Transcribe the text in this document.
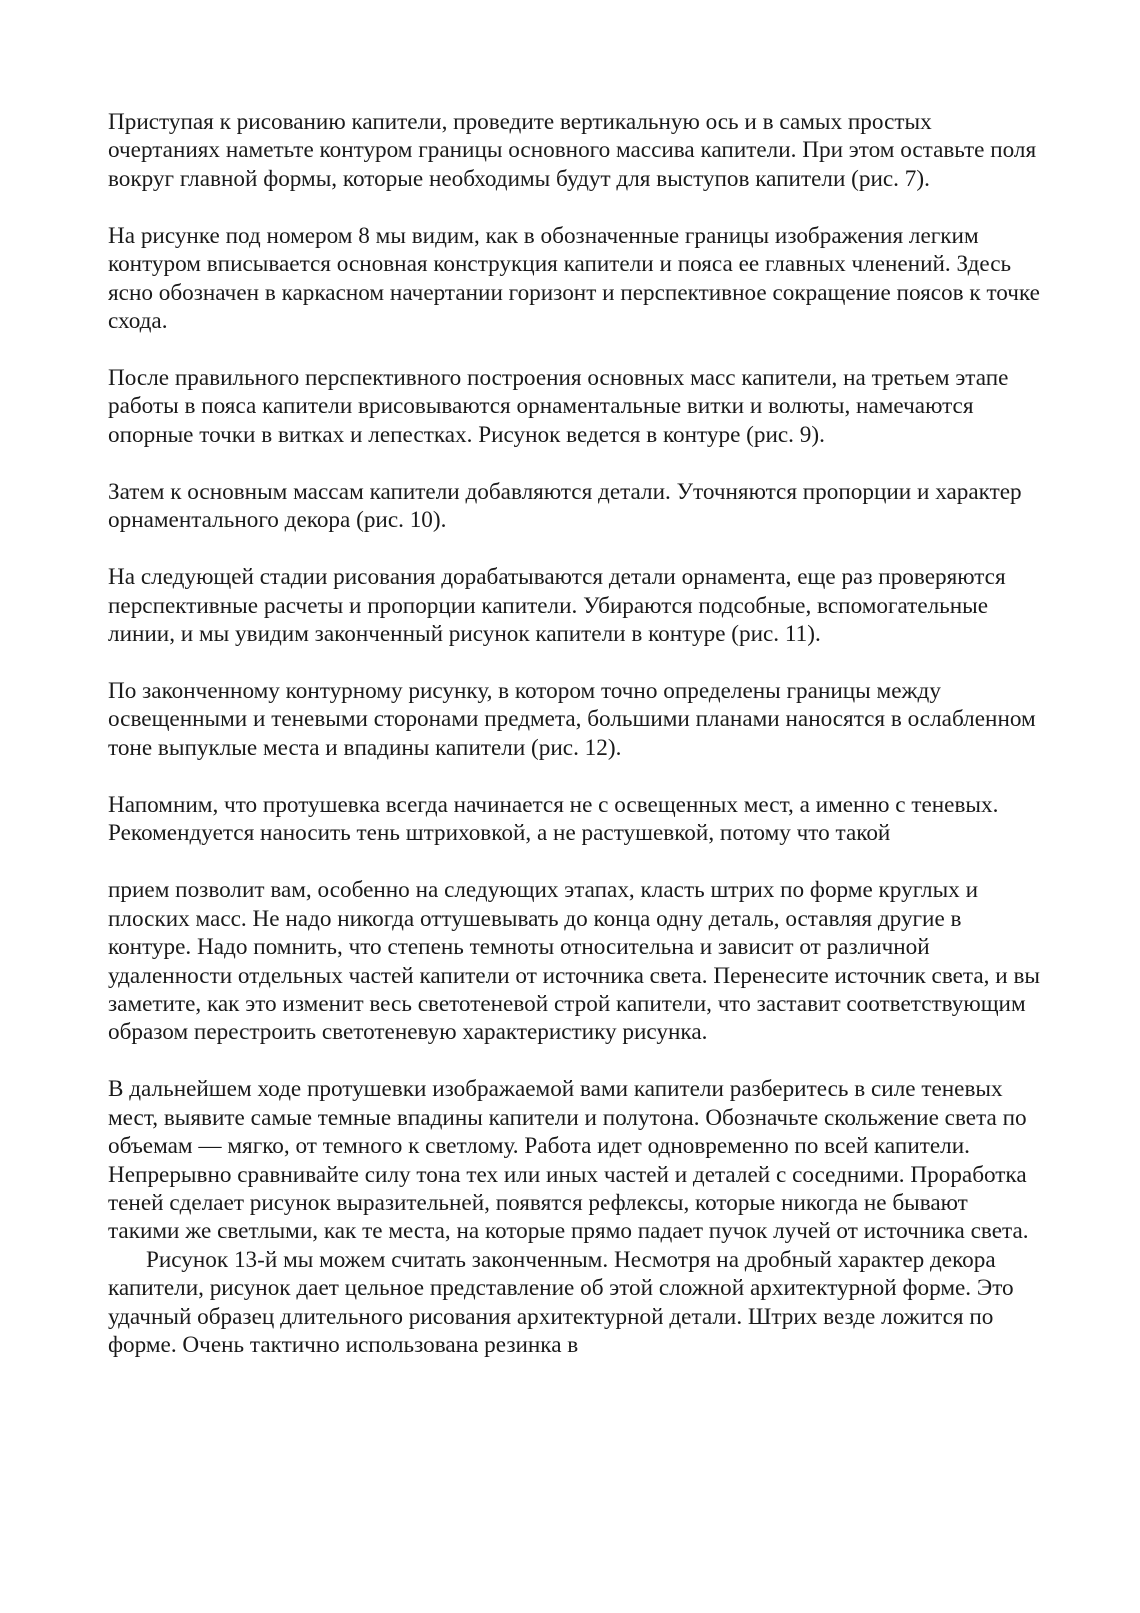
Приступая к рисованию капители, проведите вертикальную ось и в самых простых очертаниях наметьте контуром границы основного массива капители. При этом оставьте поля вокруг главной формы, которые необходимы будут для выступов капители (рис. 7).

На рисунке под номером 8 мы видим, как в обозначенные границы изображения легким контуром вписывается основная конструкция капители и пояса ее главных членений. Здесь ясно обозначен в каркасном начертании горизонт и перспективное сокращение поясов к точке схода.

После правильного перспективного построения основных масс капители, на третьем этапе работы в пояса капители врисовываются орнаментальные витки и волюты, намечаются опорные точки в витках и лепестках. Рисунок ведется в контуре (рис. 9).

Затем к основным массам капители добавляются детали. Уточняются пропорции и характер орнаментального декора (рис. 10).

На следующей стадии рисования дорабатываются детали орнамента, еще раз проверяются перспективные расчеты и пропорции капители. Убираются подсобные, вспомогательные линии, и мы увидим законченный рисунок капители в контуре (рис. 11).

По законченному контурному рисунку, в котором точно определены границы между освещенными и теневыми сторонами предмета, большими планами наносятся в ослабленном тоне выпуклые места и впадины капители (рис. 12).

Напомним, что протушевка всегда начинается не с освещенных мест, а именно с теневых. Рекомендуется наносить тень штриховкой, а не растушевкой, потому что такой

прием позволит вам, особенно на следующих этапах, класть штрих по форме круглых и плоских масс. Не надо никогда оттушевывать до конца одну деталь, оставляя другие в контуре. Надо помнить, что степень темноты относительна и зависит от различной удаленности отдельных частей капители от источника света. Перенесите источник света, и вы заметите, как это изменит весь светотеневой строй капители, что заставит соответствующим образом перестроить светотеневую характеристику рисунка.

В дальнейшем ходе протушевки изображаемой вами капители разберитесь в силе теневых мест, выявите самые темные впадины капители и полутона. Обозначьте скольжение света по объемам — мягко, от темного к светлому. Работа идет одновременно по всей капители. Непрерывно сравнивайте силу тона тех или иных частей и деталей с соседними. Проработка теней сделает рисунок выразительней, появятся рефлексы, которые никогда не бывают такими же светлыми, как те места, на которые прямо падает пучок лучей от источника света.

Рисунок 13-й мы можем считать законченным. Несмотря на дробный характер декора капители, рисунок дает цельное представление об этой сложной архитектурной форме. Это удачный образец длительного рисования архитектурной детали. Штрих везде ложится по форме. Очень тактично использована резинка в
